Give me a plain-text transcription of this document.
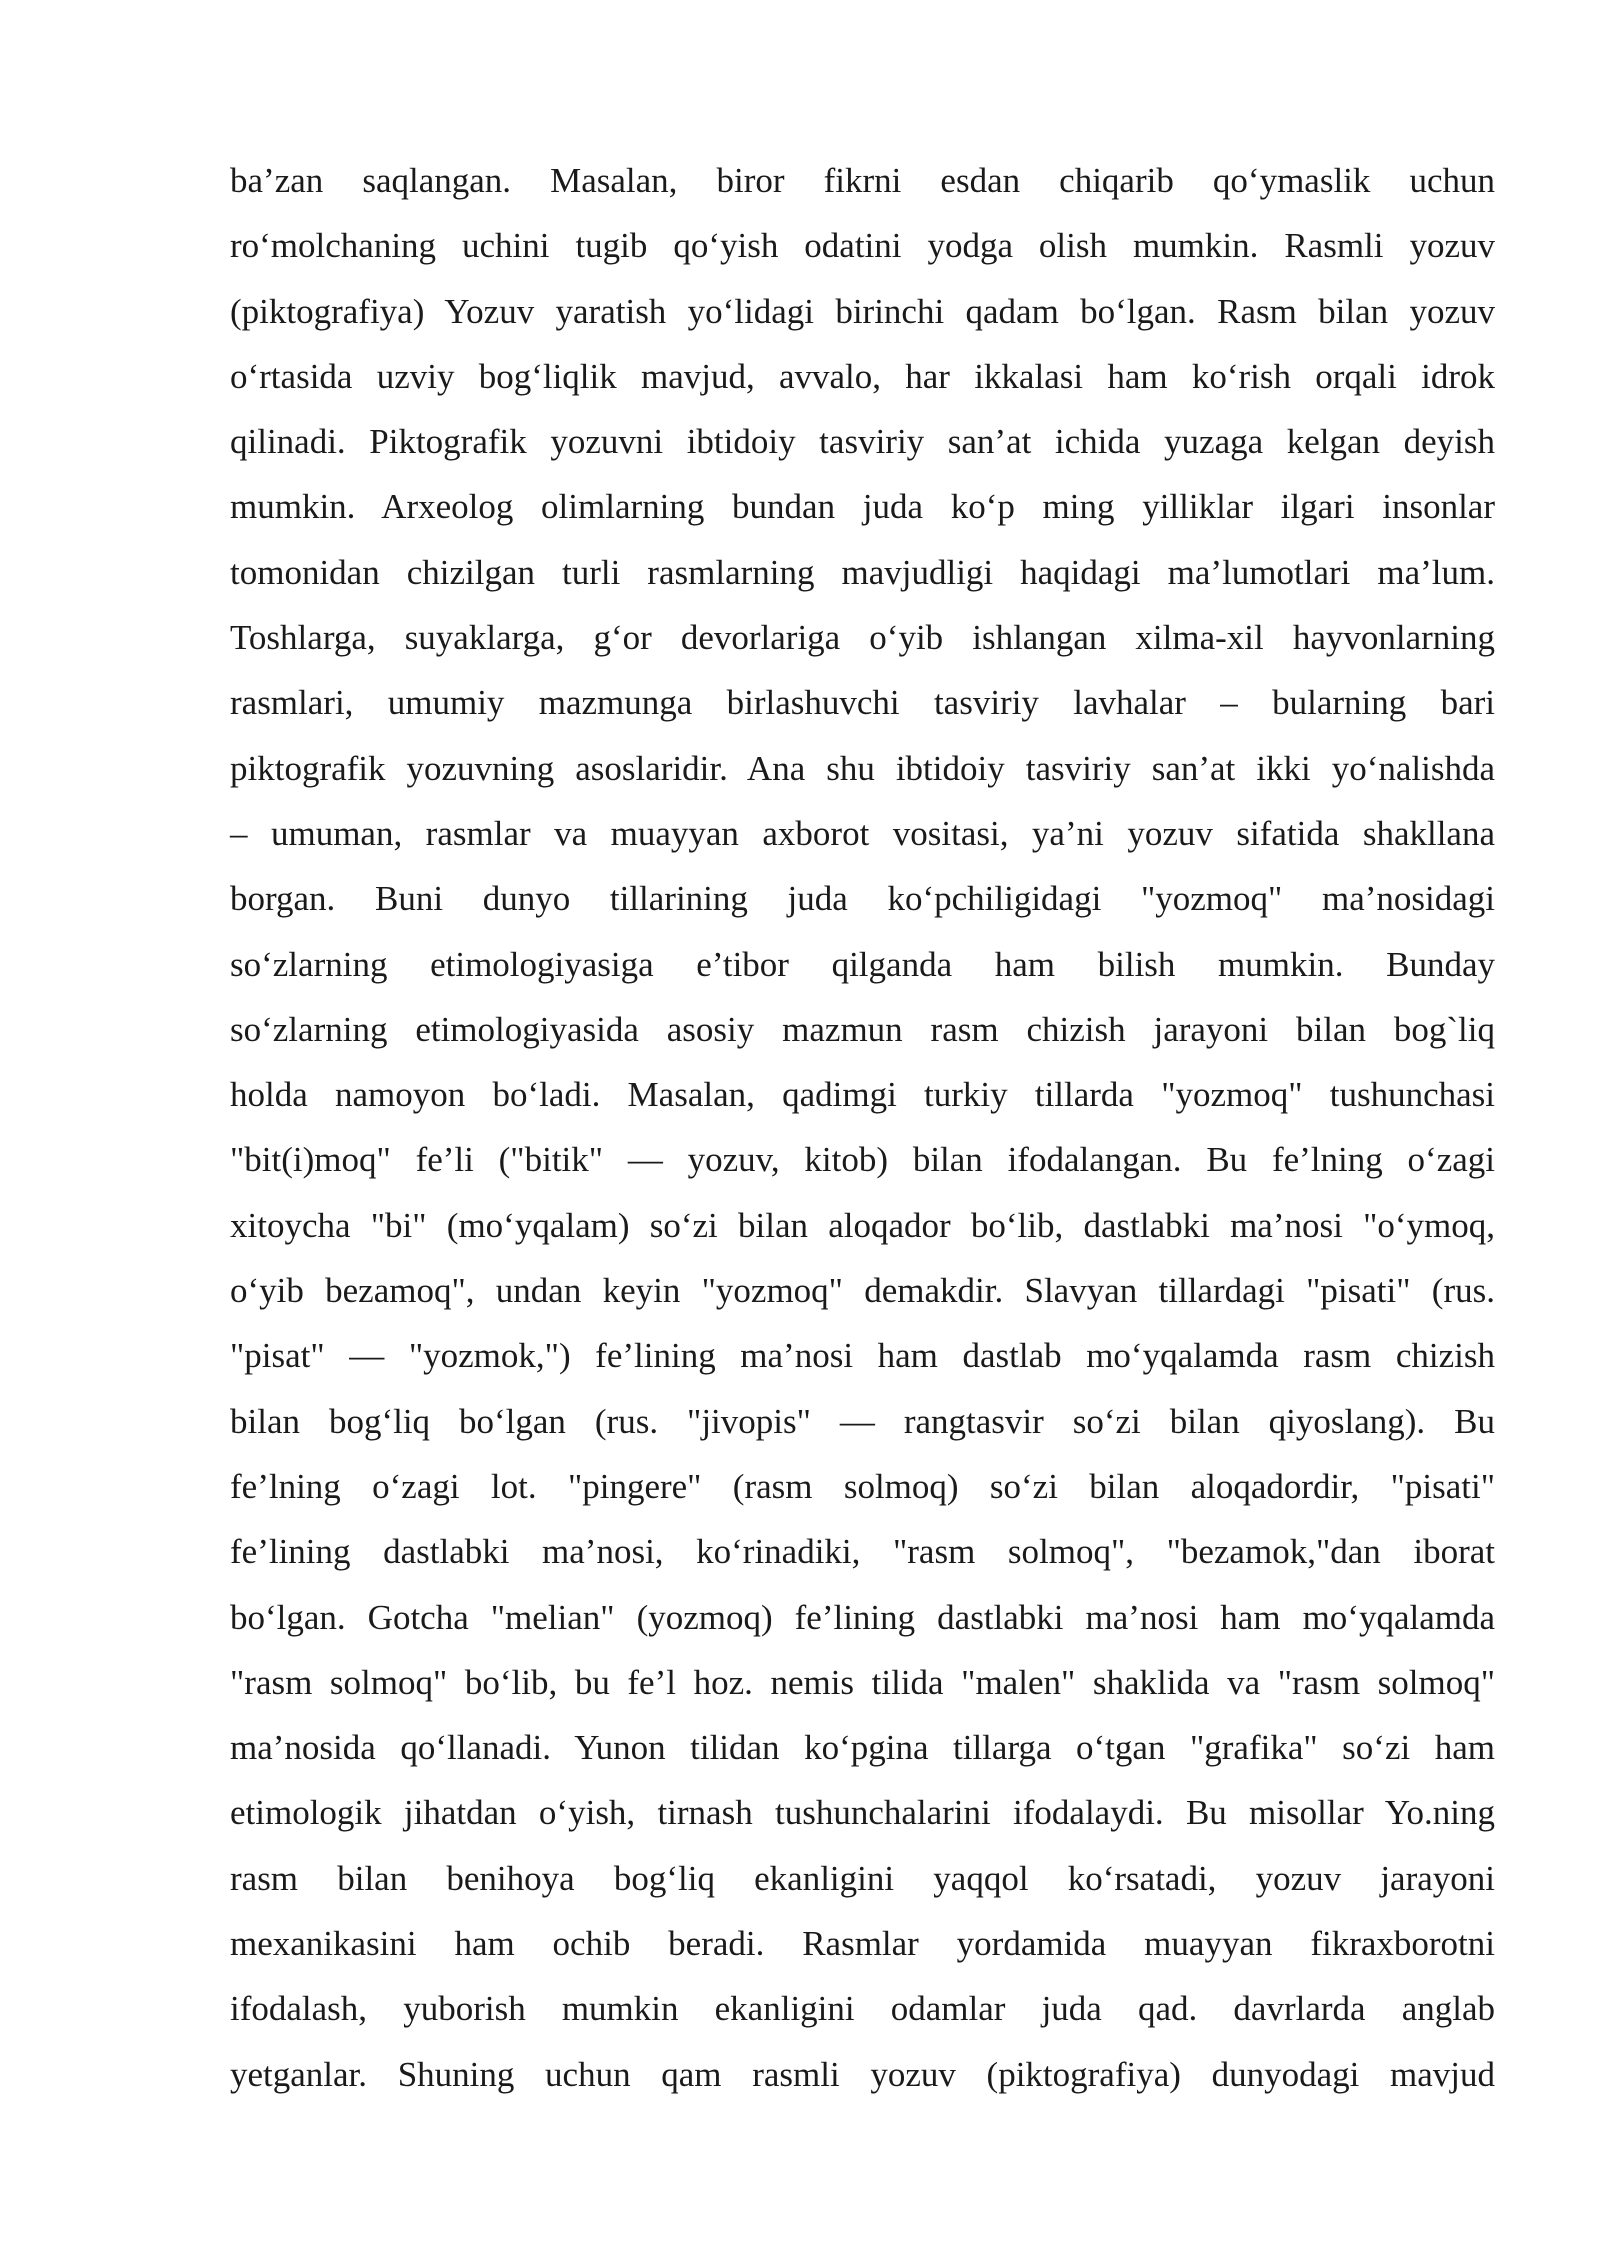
ba’zan saqlangan. Masalan, biror fikrni esdan chiqarib qo‘ymaslik uchun
ro‘molchaning uchini tugib qo‘yish odatini yodga olish mumkin. Rasmli yozuv
(piktografiya) Yozuv yaratish yo‘lidagi birinchi qadam bo‘lgan. Rasm bilan yozuv
o‘rtasida uzviy bog‘liqlik mavjud, avvalo, har ikkalasi ham ko‘rish orqali idrok
qilinadi. Piktografik yozuvni ibtidoiy tasviriy san’at ichida yuzaga kelgan deyish
mumkin. Arxeolog olimlarning bundan juda ko‘p ming yilliklar ilgari insonlar
tomonidan chizilgan turli rasmlarning mavjudligi haqidagi ma’lumotlari ma’lum.
Toshlarga, suyaklarga, g‘or devorlariga o‘yib ishlangan xilma-xil hayvonlarning
rasmlari, umumiy mazmunga birlashuvchi tasviriy lavhalar – bularning bari
piktografik yozuvning asoslaridir. Ana shu ibtidoiy tasviriy san’at ikki yo‘nalishda
– umuman, rasmlar va muayyan axborot vositasi, ya’ni yozuv sifatida shakllana
borgan. Buni dunyo tillarining juda ko‘pchiligidagi "yozmoq" ma’nosidagi
so‘zlarning etimologiyasiga e’tibor qilganda ham bilish mumkin. Bunday
so‘zlarning etimologiyasida asosiy mazmun rasm chizish jarayoni bilan bog`liq
holda namoyon bo‘ladi. Masalan, qadimgi turkiy tillarda "yozmoq" tushunchasi
"bit(i)moq" fe’li ("bitik" — yozuv, kitob) bilan ifodalangan. Bu fe’lning o‘zagi
xitoycha "bi" (mo‘yqalam) so‘zi bilan aloqador bo‘lib, dastlabki ma’nosi "o‘ymoq,
o‘yib bezamoq", undan keyin "yozmoq" demakdir. Slavyan tillardagi "pisati" (rus.
"pisat" — "yozmok,") fe’lining ma’nosi ham dastlab mo‘yqalamda rasm chizish
bilan bog‘liq bo‘lgan (rus. "jivopis" — rangtasvir so‘zi bilan qiyoslang). Bu
fe’lning o‘zagi lot. "pingere" (rasm solmoq) so‘zi bilan aloqadordir, "pisati"
fe’lining dastlabki ma’nosi, ko‘rinadiki, "rasm solmoq", "bezamok,"dan iborat
bo‘lgan. Gotcha "melian" (yozmoq) fe’lining dastlabki ma’nosi ham mo‘yqalamda
"rasm solmoq" bo‘lib, bu fe’l hoz. nemis tilida "malen" shaklida va "rasm solmoq"
ma’nosida qo‘llanadi. Yunon tilidan ko‘pgina tillarga o‘tgan "grafika" so‘zi ham
etimologik jihatdan o‘yish, tirnash tushunchalarini ifodalaydi. Bu misollar Yo.ning
rasm bilan benihoya bog‘liq ekanligini yaqqol ko‘rsatadi, yozuv jarayoni
mexanikasini ham ochib beradi. Rasmlar yordamida muayyan fikraxborotni
ifodalash, yuborish mumkin ekanligini odamlar juda qad. davrlarda anglab
yetganlar. Shuning uchun qam rasmli yozuv (piktografiya) dunyodagi mavjud
